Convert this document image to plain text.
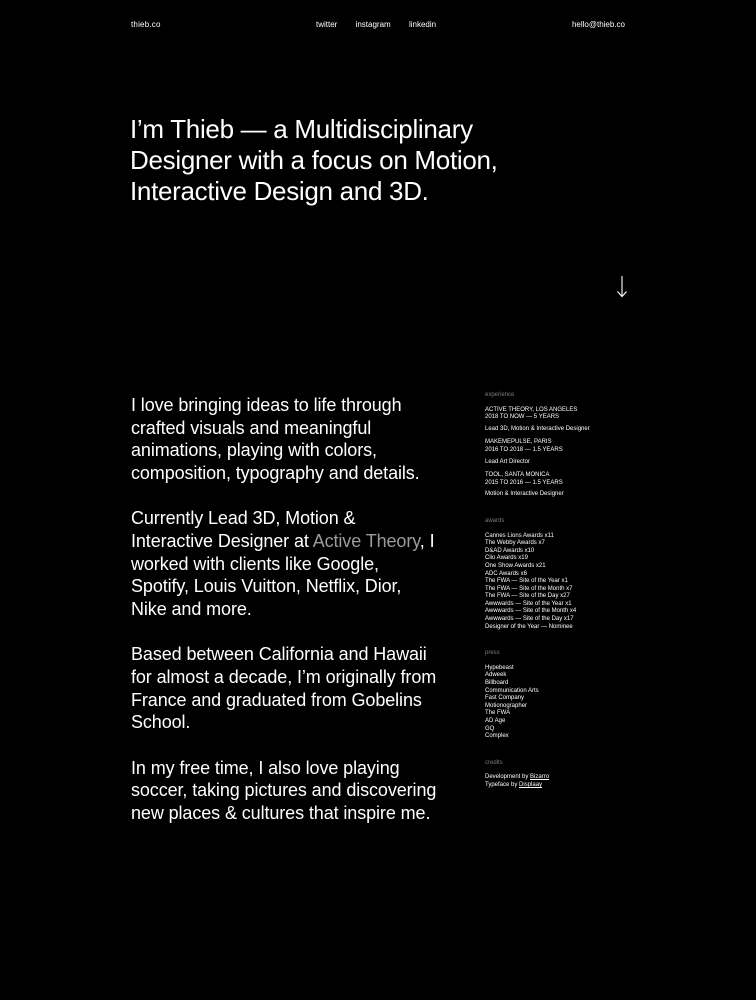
thieb.co	twitter instagram linkedin	hello@thieb.co
I’m Thieb — a Multidisciplinary
Designer with a focus on Motion,
Interactive Design and 3D.

I love bringing ideas to life through crafted visuals and meaningful animations, playing with colors, composition, typography and details.

Currently Lead 3D, Motion & Interactive Designer at Active Theory, I worked with clients like Google, Spotify, Louis Vuitton, Netflix, Dior, Nike and more.

Based between California and Hawaii for almost a decade, I’m originally from France and graduated from Gobelins School.

In my free time, I also love playing soccer, taking pictures and discovering new places & cultures that inspire me.

experience
ACTIVE THEORY, LOS ANGELES
2018 TO NOW — 5 YEARS
Lead 3D, Motion & Interactive Designer
MAKEMEPULSE, PARIS
2016 TO 2018 — 1.5 YEARS
Lead Art Director
TOOL, SANTA MONICA
2015 TO 2016 — 1.5 YEARS
Motion & Interactive Designer
awards
Cannes Lions Awards x11
The Webby Awards x7
D&AD Awards x10
Clio Awards x19
One Show Awards x21
ADC Awards x6
The FWA — Site of the Year x1
The FWA — Site of the Month x7
The FWA — Site of the Day x27
Awwwards — Site of the Year x1
Awwwards — Site of the Month x4
Awwwards — Site of the Day x17
Designer of the Year — Nominee
press
Hypebeast
Adweek
Billboard
Communication Arts
Fast Company
Motionographer
The FWA
AD Age
GQ
Complex
credits
Development by Bizarro
Typeface by Displaay
